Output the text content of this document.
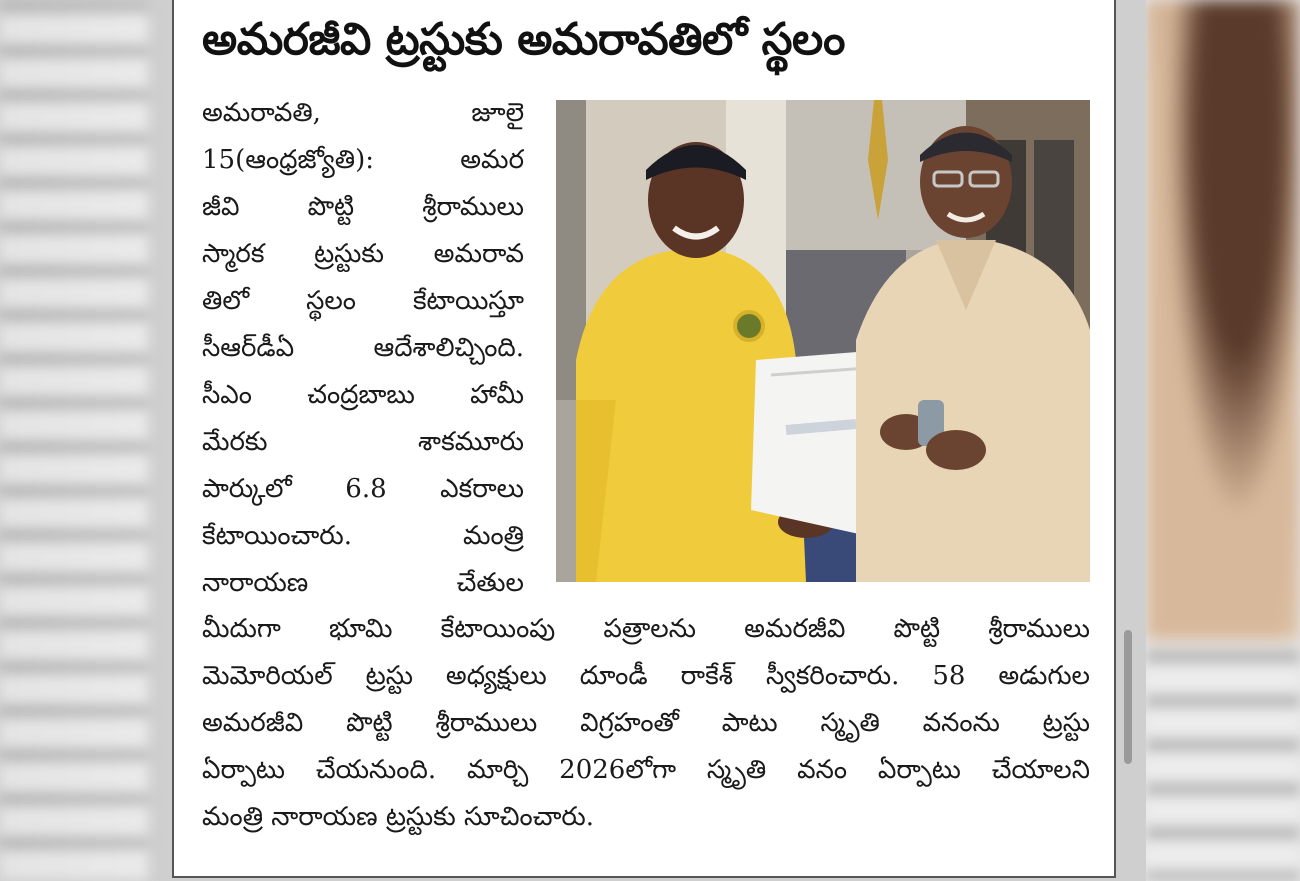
అమరజీవి ట్రస్టుకు అమరావతిలో స్థలం

అమరావతి, జూలై
15(ఆంధ్రజ్యోతి): అమర
జీవి పొట్టి శ్రీరాములు
స్మారక ట్రస్టుకు అమరావ
తిలో స్థలం కేటాయిస్తూ
సీఆర్‌డీఏ ఆదేశాలిచ్చింది.
సీఎం చంద్రబాబు హామీ
మేరకు శాకమూరు
పార్కులో 6.8 ఎకరాలు
కేటాయించారు. మంత్రి
నారాయణ చేతుల

మీదుగా భూమి కేటాయింపు పత్రాలను అమరజీవి పొట్టి శ్రీరాములు
మెమోరియల్ ట్రస్టు అధ్యక్షులు దూండీ రాకేశ్ స్వీకరించారు. 58 అడుగుల
అమరజీవి పొట్టి శ్రీరాములు విగ్రహంతో పాటు స్మృతి వనంను ట్రస్టు
ఏర్పాటు చేయనుంది. మార్చి 2026లోగా స్మృతి వనం ఏర్పాటు చేయాలని
మంత్రి నారాయణ ట్రస్టుకు సూచించారు.
